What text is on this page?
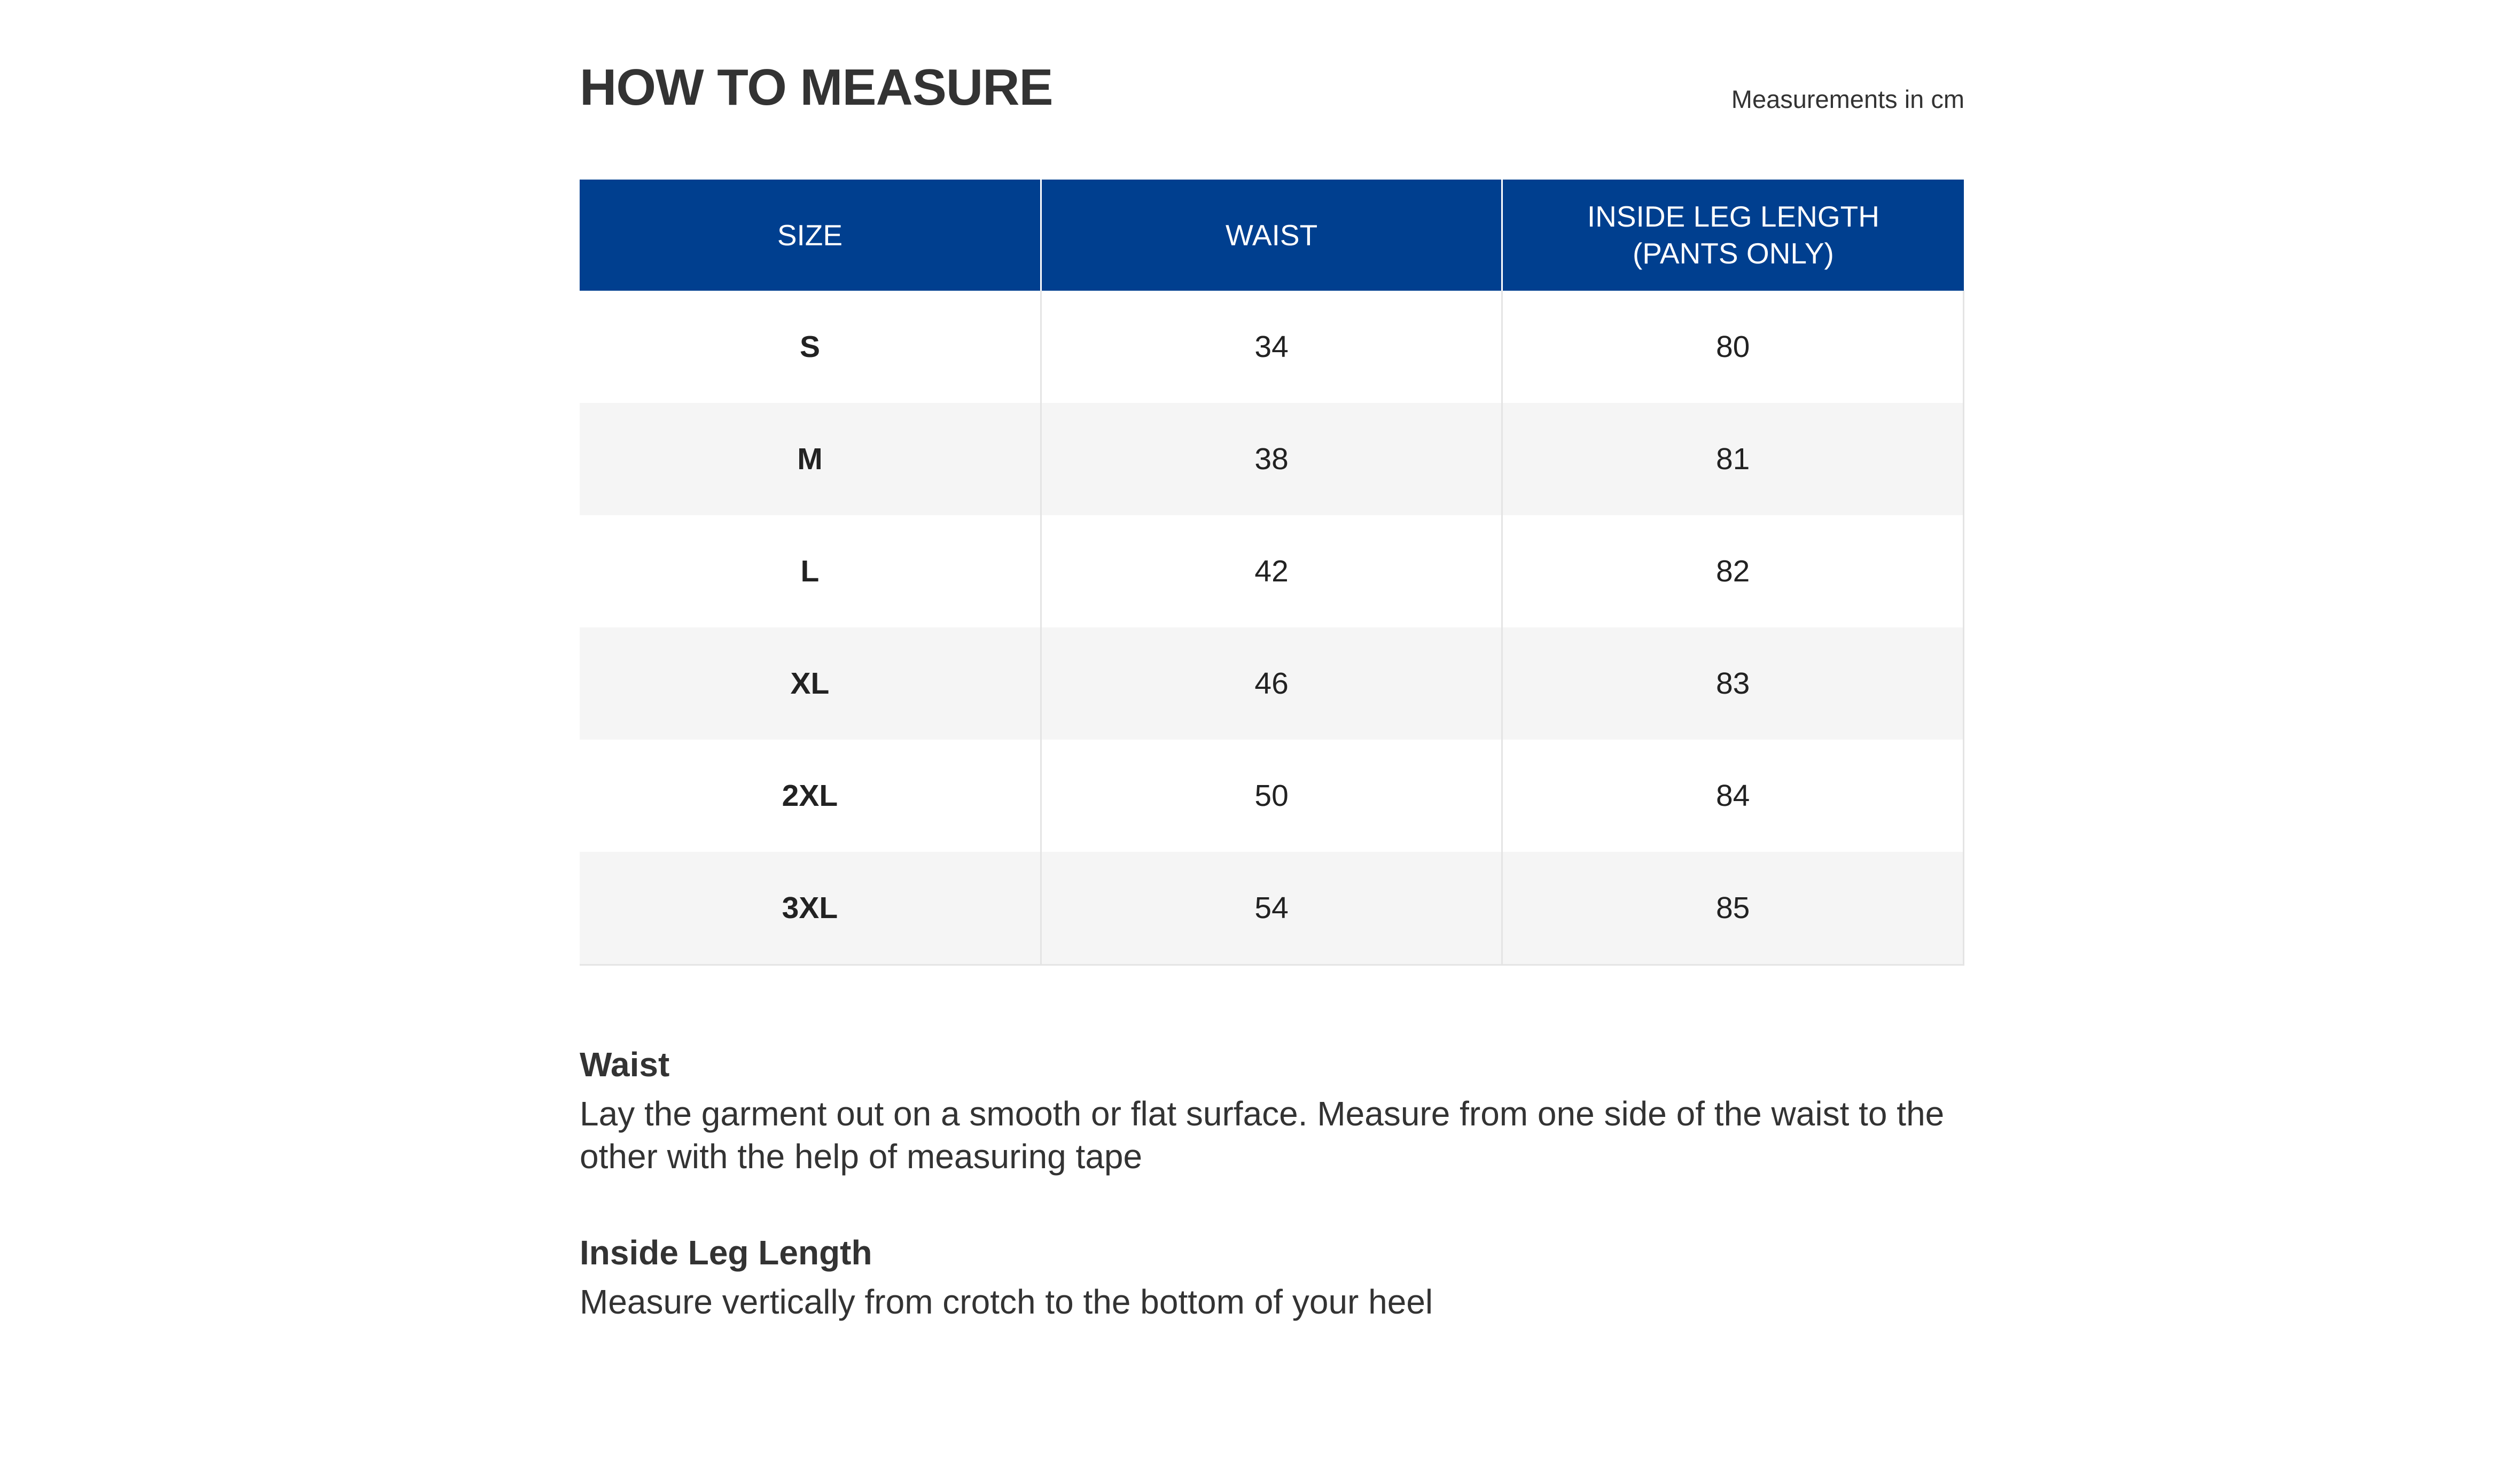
HOW TO MEASURE	Measurements in cm
SIZE	WAIST	INSIDE LEG LENGTH
(PANTS ONLY)
S	34	80
M	38	81
L	42	82
XL	46	83
2XL	50	84
3XL	54	85

Waist

Lay the garment out on a smooth or flat surface. Measure from one side of the waist to the other with the help of measuring tape

Inside Leg Length

Measure vertically from crotch to the bottom of your heel
